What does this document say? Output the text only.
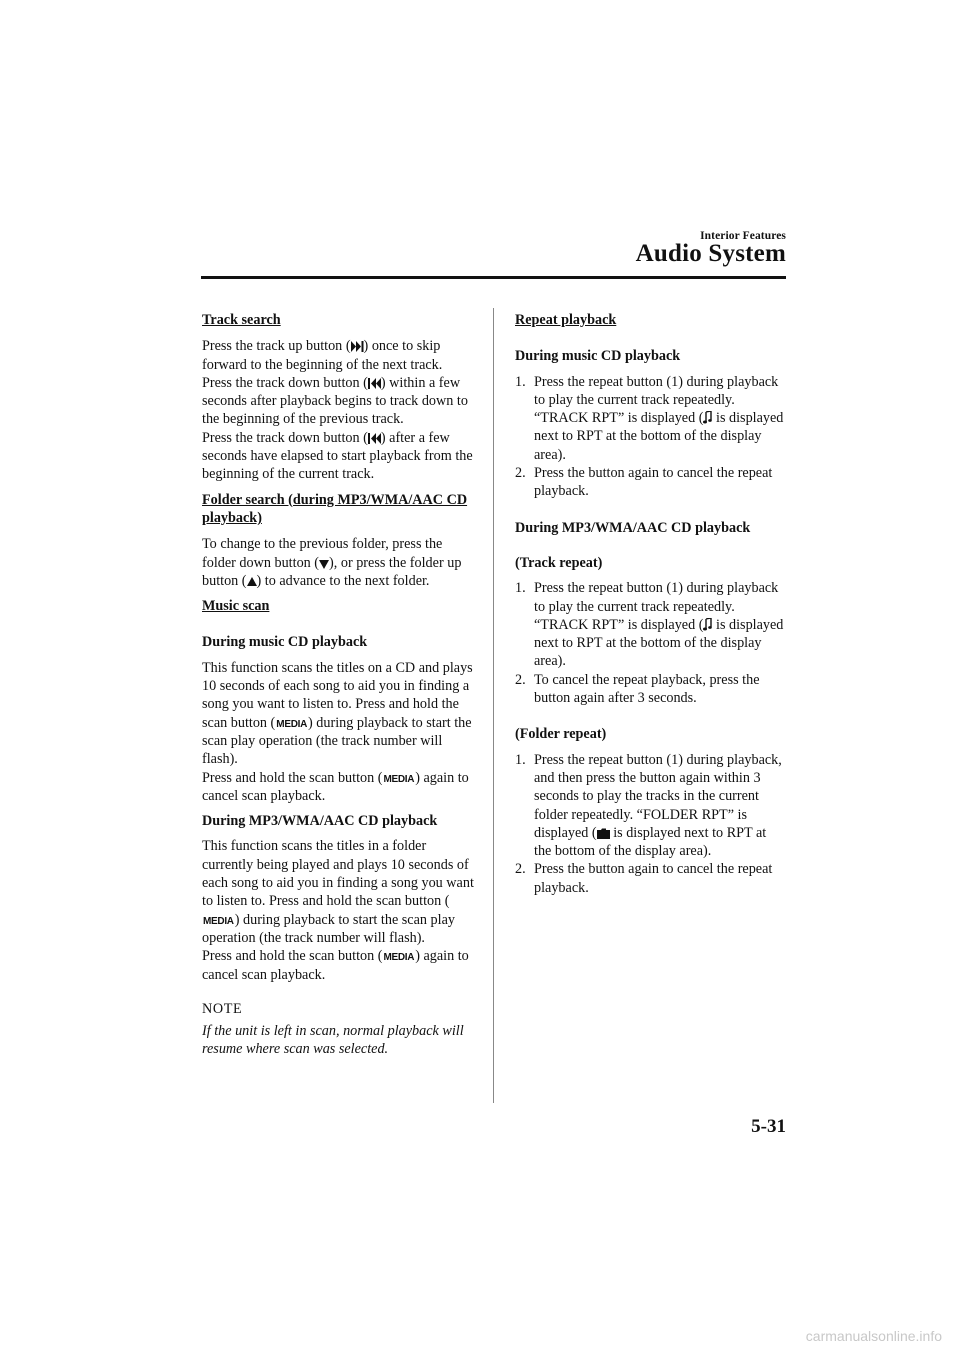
Interior Features
Audio System
Track search

Press the track up button ( ) once to skip forward to the beginning of the next track.
Press the track down button ( ) within a few seconds after playback begins to track down to the beginning of the previous track.
Press the track down button ( ) after a few seconds have elapsed to start playback from the beginning of the current track.

Folder search (during MP3/WMA/AAC CD playback)

To change to the previous folder, press the folder down button ( ), or press the folder up button ( ) to advance to the next folder.

Music scan
During music CD playback

This function scans the titles on a CD and plays 10 seconds of each song to aid you in finding a song you want to listen to. Press and hold the scan button (MEDIA) during playback to start the scan play operation (the track number will flash).
Press and hold the scan button (MEDIA) again to cancel scan playback.

During MP3/WMA/AAC CD playback

This function scans the titles in a folder currently being played and plays 10 seconds of each song to aid you in finding a song you want to listen to. Press and hold the scan button (MEDIA) during playback to start the scan play operation (the track number will flash).
Press and hold the scan button (MEDIA) again to cancel scan playback.

NOTE
If the unit is left in scan, normal playback will resume where scan was selected.
Repeat playback
During music CD playback
1. Press the repeat button (1) during playback to play the current track repeatedly. “TRACK RPT” is displayed ( is displayed next to RPT at the bottom of the display area).
2. Press the button again to cancel the repeat playback.
During MP3/WMA/AAC CD playback
(Track repeat)
1. Press the repeat button (1) during playback to play the current track repeatedly. “TRACK RPT” is displayed ( is displayed next to RPT at the bottom of the display area).
2. To cancel the repeat playback, press the button again after 3 seconds.
(Folder repeat)
1. Press the repeat button (1) during playback, and then press the button again within 3 seconds to play the tracks in the current folder repeatedly. “FOLDER RPT” is displayed ( is displayed next to RPT at the bottom of the display area).
2. Press the button again to cancel the repeat playback.
5-31
carmanualsonline.info
